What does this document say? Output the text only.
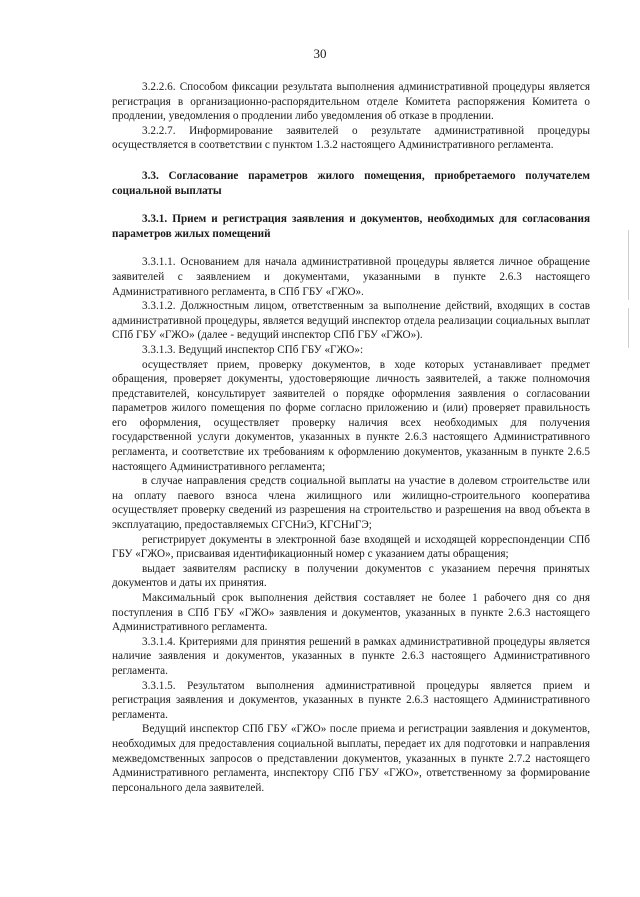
30

3.2.2.6. Способом фиксации результата выполнения административной процедуры является регистрация в организационно-распорядительном отделе Комитета распоряжения Комитета о продлении, уведомления о продлении либо уведомления об отказе в продлении.

3.2.2.7. Информирование заявителей о результате административной процедуры осуществляется в соответствии с пунктом 1.3.2 настоящего Административного регламента.

3.3. Согласование параметров жилого помещения, приобретаемого получателем социальной выплаты

3.3.1. Прием и регистрация заявления и документов, необходимых для согласования параметров жилых помещений

3.3.1.1. Основанием для начала административной процедуры является личное обращение заявителей с заявлением и документами, указанными в пункте 2.6.3 настоящего Административного регламента, в СПб ГБУ «ГЖО».

3.3.1.2. Должностным лицом, ответственным за выполнение действий, входящих в состав административной процедуры, является ведущий инспектор отдела реализации социальных выплат СПб ГБУ «ГЖО» (далее - ведущий инспектор СПб ГБУ «ГЖО»).

3.3.1.3. Ведущий инспектор СПб ГБУ «ГЖО»:

осуществляет прием, проверку документов, в ходе которых устанавливает предмет обращения, проверяет документы, удостоверяющие личность заявителей, а также полномочия представителей, консультирует заявителей о порядке оформления заявления о согласовании параметров жилого помещения по форме согласно приложению и (или) проверяет правильность его оформления, осуществляет проверку наличия всех необходимых для получения государственной услуги документов, указанных в пункте 2.6.3 настоящего Административного регламента, и соответствие их требованиям к оформлению документов, указанным в пункте 2.6.5 настоящего Административного регламента;

в случае направления средств социальной выплаты на участие в долевом строительстве или на оплату паевого взноса члена жилищного или жилищно-строительного кооператива осуществляет проверку сведений из разрешения на строительство и разрешения на ввод объекта в эксплуатацию, предоставляемых СГСНиЭ, КГСНиГЭ;

регистрирует документы в электронной базе входящей и исходящей корреспонденции СПб ГБУ «ГЖО», присваивая идентификационный номер с указанием даты обращения;

выдает заявителям расписку в получении документов с указанием перечня принятых документов и даты их принятия.

Максимальный срок выполнения действия составляет не более 1 рабочего дня со дня поступления в СПб ГБУ «ГЖО» заявления и документов, указанных в пункте 2.6.3 настоящего Административного регламента.

3.3.1.4. Критериями для принятия решений в рамках административной процедуры является наличие заявления и документов, указанных в пункте 2.6.3 настоящего Административного регламента.

3.3.1.5. Результатом выполнения административной процедуры является прием и регистрация заявления и документов, указанных в пункте 2.6.3 настоящего Административного регламента.

Ведущий инспектор СПб ГБУ «ГЖО» после приема и регистрации заявления и документов, необходимых для предоставления социальной выплаты, передает их для подготовки и направления межведомственных запросов о представлении документов, указанных в пункте 2.7.2 настоящего Административного регламента, инспектору СПб ГБУ «ГЖО», ответственному за формирование персонального дела заявителей.
